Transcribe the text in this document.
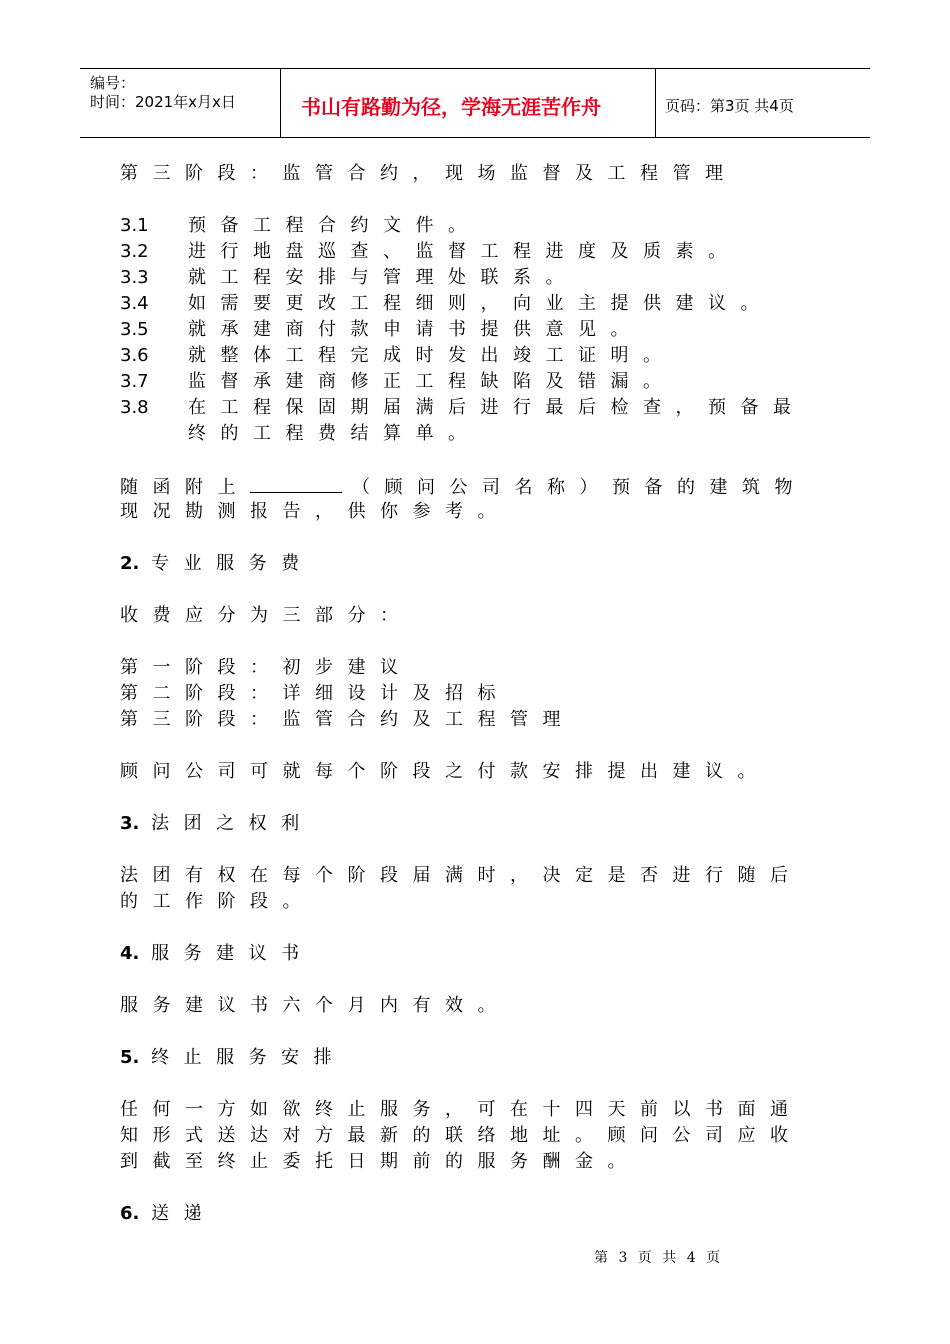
编号：
时间：2021年x月x日	书山有路勤为径，学海无涯苦作舟	页码：第3页 共4页
第三阶段：监管合约，现场监督及工程管理
3.1 预备工程合约文件。
3.2 进行地盘巡查、监督工程进度及质素。
3.3 就工程安排与管理处联系。
3.4 如需要更改工程细则，向业主提供建议。
3.5 就承建商付款申请书提供意见。
3.6 就整体工程完成时发出竣工证明。
3.7 监督承建商修正工程缺陷及错漏。
3.8 在工程保固期届满后进行最后检查，预备最
终的工程费结算单。
随函附上	（顾问公司名称）预备的建筑物
现况勘测报告，供你参考。
2. 专业服务费
收费应分为三部分：
第一阶段：初步建议
第二阶段：详细设计及招标
第三阶段：监管合约及工程管理
顾问公司可就每个阶段之付款安排提出建议。
3. 法团之权利
法团有权在每个阶段届满时，决定是否进行随后
的工作阶段。
4. 服务建议书
服务建议书六个月内有效。
5. 终止服务安排
任何一方如欲终止服务，可在十四天前以书面通
知形式送达对方最新的联络地址。顾问公司应收
到截至终止委托日期前的服务酬金。
6. 送递
第 3 页 共 4 页
